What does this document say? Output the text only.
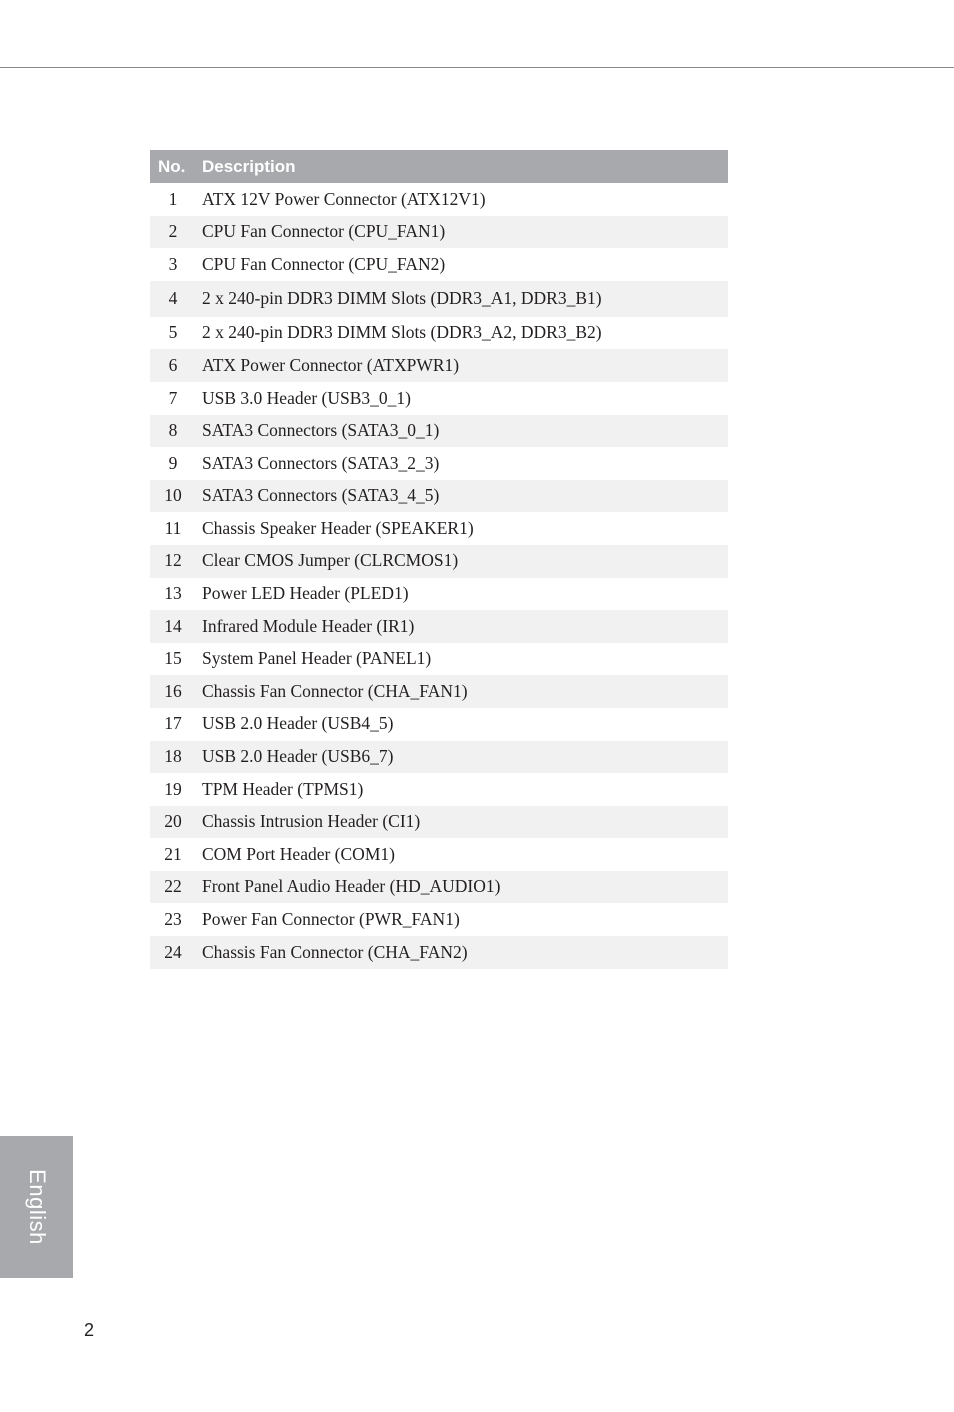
No.	Description
1	ATX 12V Power Connector (ATX12V1)
2	CPU Fan Connector (CPU_FAN1)
3	CPU Fan Connector (CPU_FAN2)
4	2 x 240-pin DDR3 DIMM Slots (DDR3_A1, DDR3_B1)
5	2 x 240-pin DDR3 DIMM Slots (DDR3_A2, DDR3_B2)
6	ATX Power Connector (ATXPWR1)
7	USB 3.0 Header (USB3_0_1)
8	SATA3 Connectors (SATA3_0_1)
9	SATA3 Connectors (SATA3_2_3)
10	SATA3 Connectors (SATA3_4_5)
11	Chassis Speaker Header (SPEAKER1)
12	Clear CMOS Jumper (CLRCMOS1)
13	Power LED Header (PLED1)
14	Infrared Module Header (IR1)
15	System Panel Header (PANEL1)
16	Chassis Fan Connector (CHA_FAN1)
17	USB 2.0 Header (USB4_5)
18	USB 2.0 Header (USB6_7)
19	TPM Header (TPMS1)
20	Chassis Intrusion Header (CI1)
21	COM Port Header (COM1)
22	Front Panel Audio Header (HD_AUDIO1)
23	Power Fan Connector (PWR_FAN1)
24	Chassis Fan Connector (CHA_FAN2)
English
2
